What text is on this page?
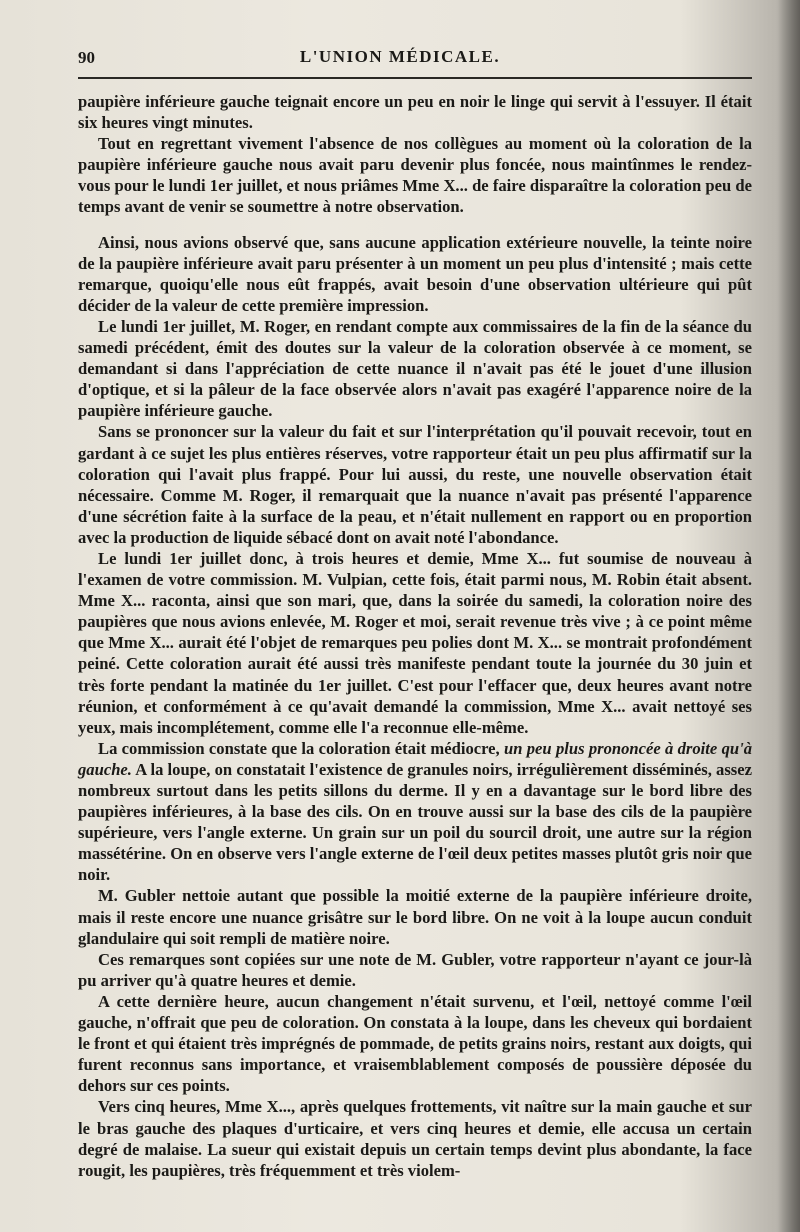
90	L'UNION MÉDICALE.

paupière inférieure gauche teignait encore un peu en noir le linge qui servit à l'essuyer. Il était six heures vingt minutes.

Tout en regrettant vivement l'absence de nos collègues au moment où la coloration de la paupière inférieure gauche nous avait paru devenir plus foncée, nous maintînmes le rendez-vous pour le lundi 1er juillet, et nous priâmes Mme X... de faire disparaître la coloration peu de temps avant de venir se soumettre à notre observation.

Ainsi, nous avions observé que, sans aucune application extérieure nouvelle, la teinte noire de la paupière inférieure avait paru présenter à un moment un peu plus d'intensité ; mais cette remarque, quoiqu'elle nous eût frappés, avait besoin d'une observation ultérieure qui pût décider de la valeur de cette première impression.

Le lundi 1er juillet, M. Roger, en rendant compte aux commissaires de la fin de la séance du samedi précédent, émit des doutes sur la valeur de la coloration observée à ce moment, se demandant si dans l'appréciation de cette nuance il n'avait pas été le jouet d'une illusion d'optique, et si la pâleur de la face observée alors n'avait pas exagéré l'apparence noire de la paupière inférieure gauche.

Sans se prononcer sur la valeur du fait et sur l'interprétation qu'il pouvait recevoir, tout en gardant à ce sujet les plus entières réserves, votre rapporteur était un peu plus affirmatif sur la coloration qui l'avait plus frappé. Pour lui aussi, du reste, une nouvelle observation était nécessaire. Comme M. Roger, il remarquait que la nuance n'avait pas présenté l'apparence d'une sécrétion faite à la surface de la peau, et n'était nullement en rapport ou en proportion avec la production de liquide sébacé dont on avait noté l'abondance.

Le lundi 1er juillet donc, à trois heures et demie, Mme X... fut soumise de nouveau à l'examen de votre commission. M. Vulpian, cette fois, était parmi nous, M. Robin était absent. Mme X... raconta, ainsi que son mari, que, dans la soirée du samedi, la coloration noire des paupières que nous avions enlevée, M. Roger et moi, serait revenue très vive ; à ce point même que Mme X... aurait été l'objet de remarques peu polies dont M. X... se montrait profondément peiné. Cette coloration aurait été aussi très manifeste pendant toute la journée du 30 juin et très forte pendant la matinée du 1er juillet. C'est pour l'effacer que, deux heures avant notre réunion, et conformément à ce qu'avait demandé la commission, Mme X... avait nettoyé ses yeux, mais incomplétement, comme elle l'a reconnue elle-même.

La commission constate que la coloration était médiocre, un peu plus prononcée à droite qu'à gauche. A la loupe, on constatait l'existence de granules noirs, irrégulièrement disséminés, assez nombreux surtout dans les petits sillons du derme. Il y en a davantage sur le bord libre des paupières inférieures, à la base des cils. On en trouve aussi sur la base des cils de la paupière supérieure, vers l'angle externe. Un grain sur un poil du sourcil droit, une autre sur la région massétérine. On en observe vers l'angle externe de l'œil deux petites masses plutôt gris noir que noir.

M. Gubler nettoie autant que possible la moitié externe de la paupière inférieure droite, mais il reste encore une nuance grisâtre sur le bord libre. On ne voit à la loupe aucun conduit glandulaire qui soit rempli de matière noire.

Ces remarques sont copiées sur une note de M. Gubler, votre rapporteur n'ayant ce jour-là pu arriver qu'à quatre heures et demie.

A cette dernière heure, aucun changement n'était survenu, et l'œil, nettoyé comme l'œil gauche, n'offrait que peu de coloration. On constata à la loupe, dans les cheveux qui bordaient le front et qui étaient très imprégnés de pommade, de petits grains noirs, restant aux doigts, qui furent reconnus sans importance, et vraisemblablement composés de poussière déposée du dehors sur ces points.

Vers cinq heures, Mme X..., après quelques frottements, vit naître sur la main gauche et sur le bras gauche des plaques d'urticaire, et vers cinq heures et demie, elle accusa un certain degré de malaise. La sueur qui existait depuis un certain temps devint plus abondante, la face rougit, les paupières, très fréquemment et très violem-
